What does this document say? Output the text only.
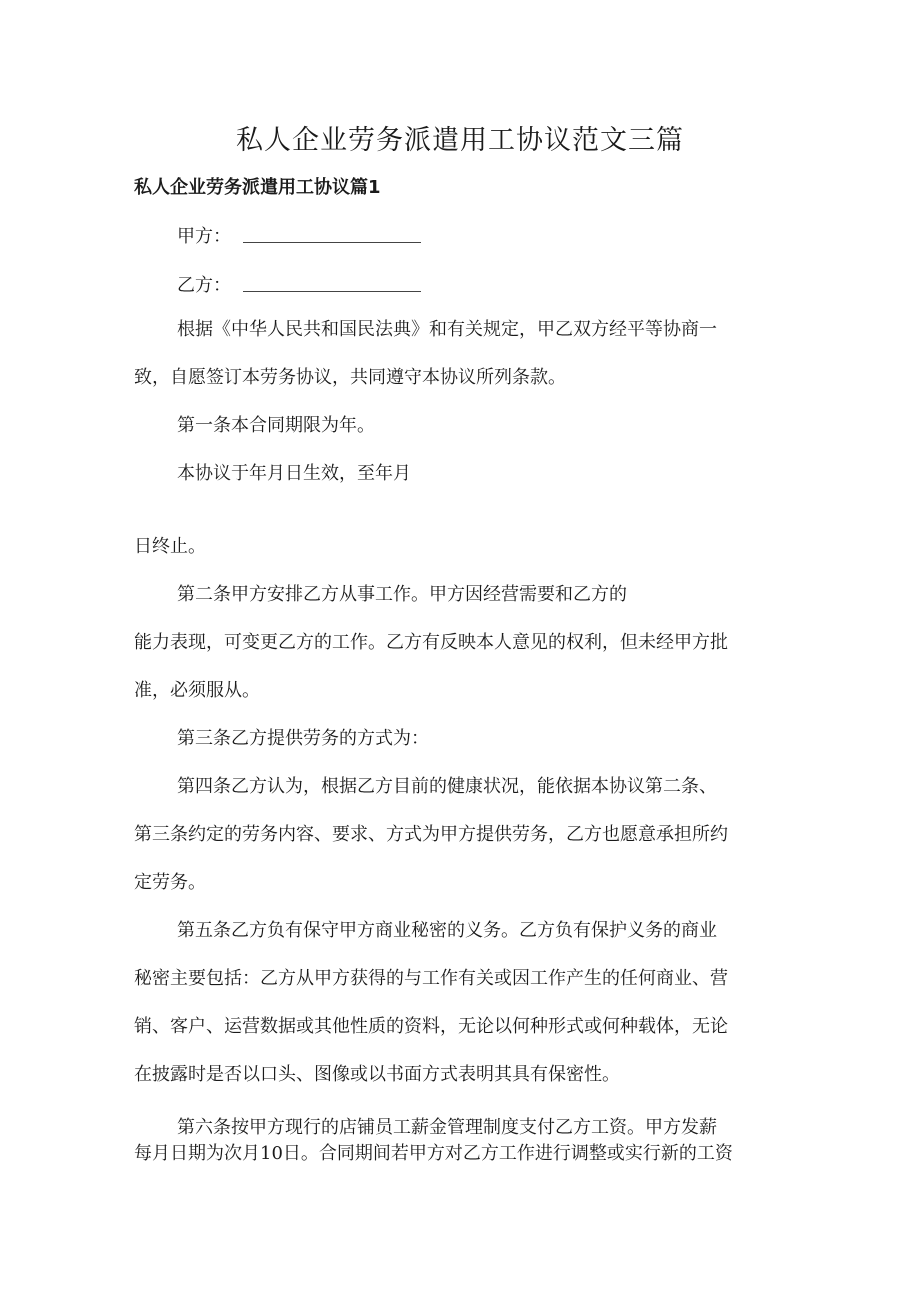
私人企业劳务派遣用工协议范文三篇
私人企业劳务派遣用工协议篇1
甲方：
乙方：
根据《中华人民共和国民法典》和有关规定，甲乙双方经平等协商一
致，自愿签订本劳务协议，共同遵守本协议所列条款。
第一条本合同期限为年。
本协议于年月日生效，至年月
日终止。
第二条甲方安排乙方从事工作。甲方因经营需要和乙方的
能力表现，可变更乙方的工作。乙方有反映本人意见的权利，但未经甲方批
准，必须服从。
第三条乙方提供劳务的方式为：
第四条乙方认为，根据乙方目前的健康状况，能依据本协议第二条、
第三条约定的劳务内容、要求、方式为甲方提供劳务，乙方也愿意承担所约
定劳务。
第五条乙方负有保守甲方商业秘密的义务。乙方负有保护义务的商业
秘密主要包括：乙方从甲方获得的与工作有关或因工作产生的任何商业、营
销、客户、运营数据或其他性质的资料，无论以何种形式或何种载体，无论
在披露时是否以口头、图像或以书面方式表明其具有保密性。
第六条按甲方现行的店铺员工薪金管理制度支付乙方工资。甲方发薪
每月日期为次月10日。合同期间若甲方对乙方工作进行调整或实行新的工资
